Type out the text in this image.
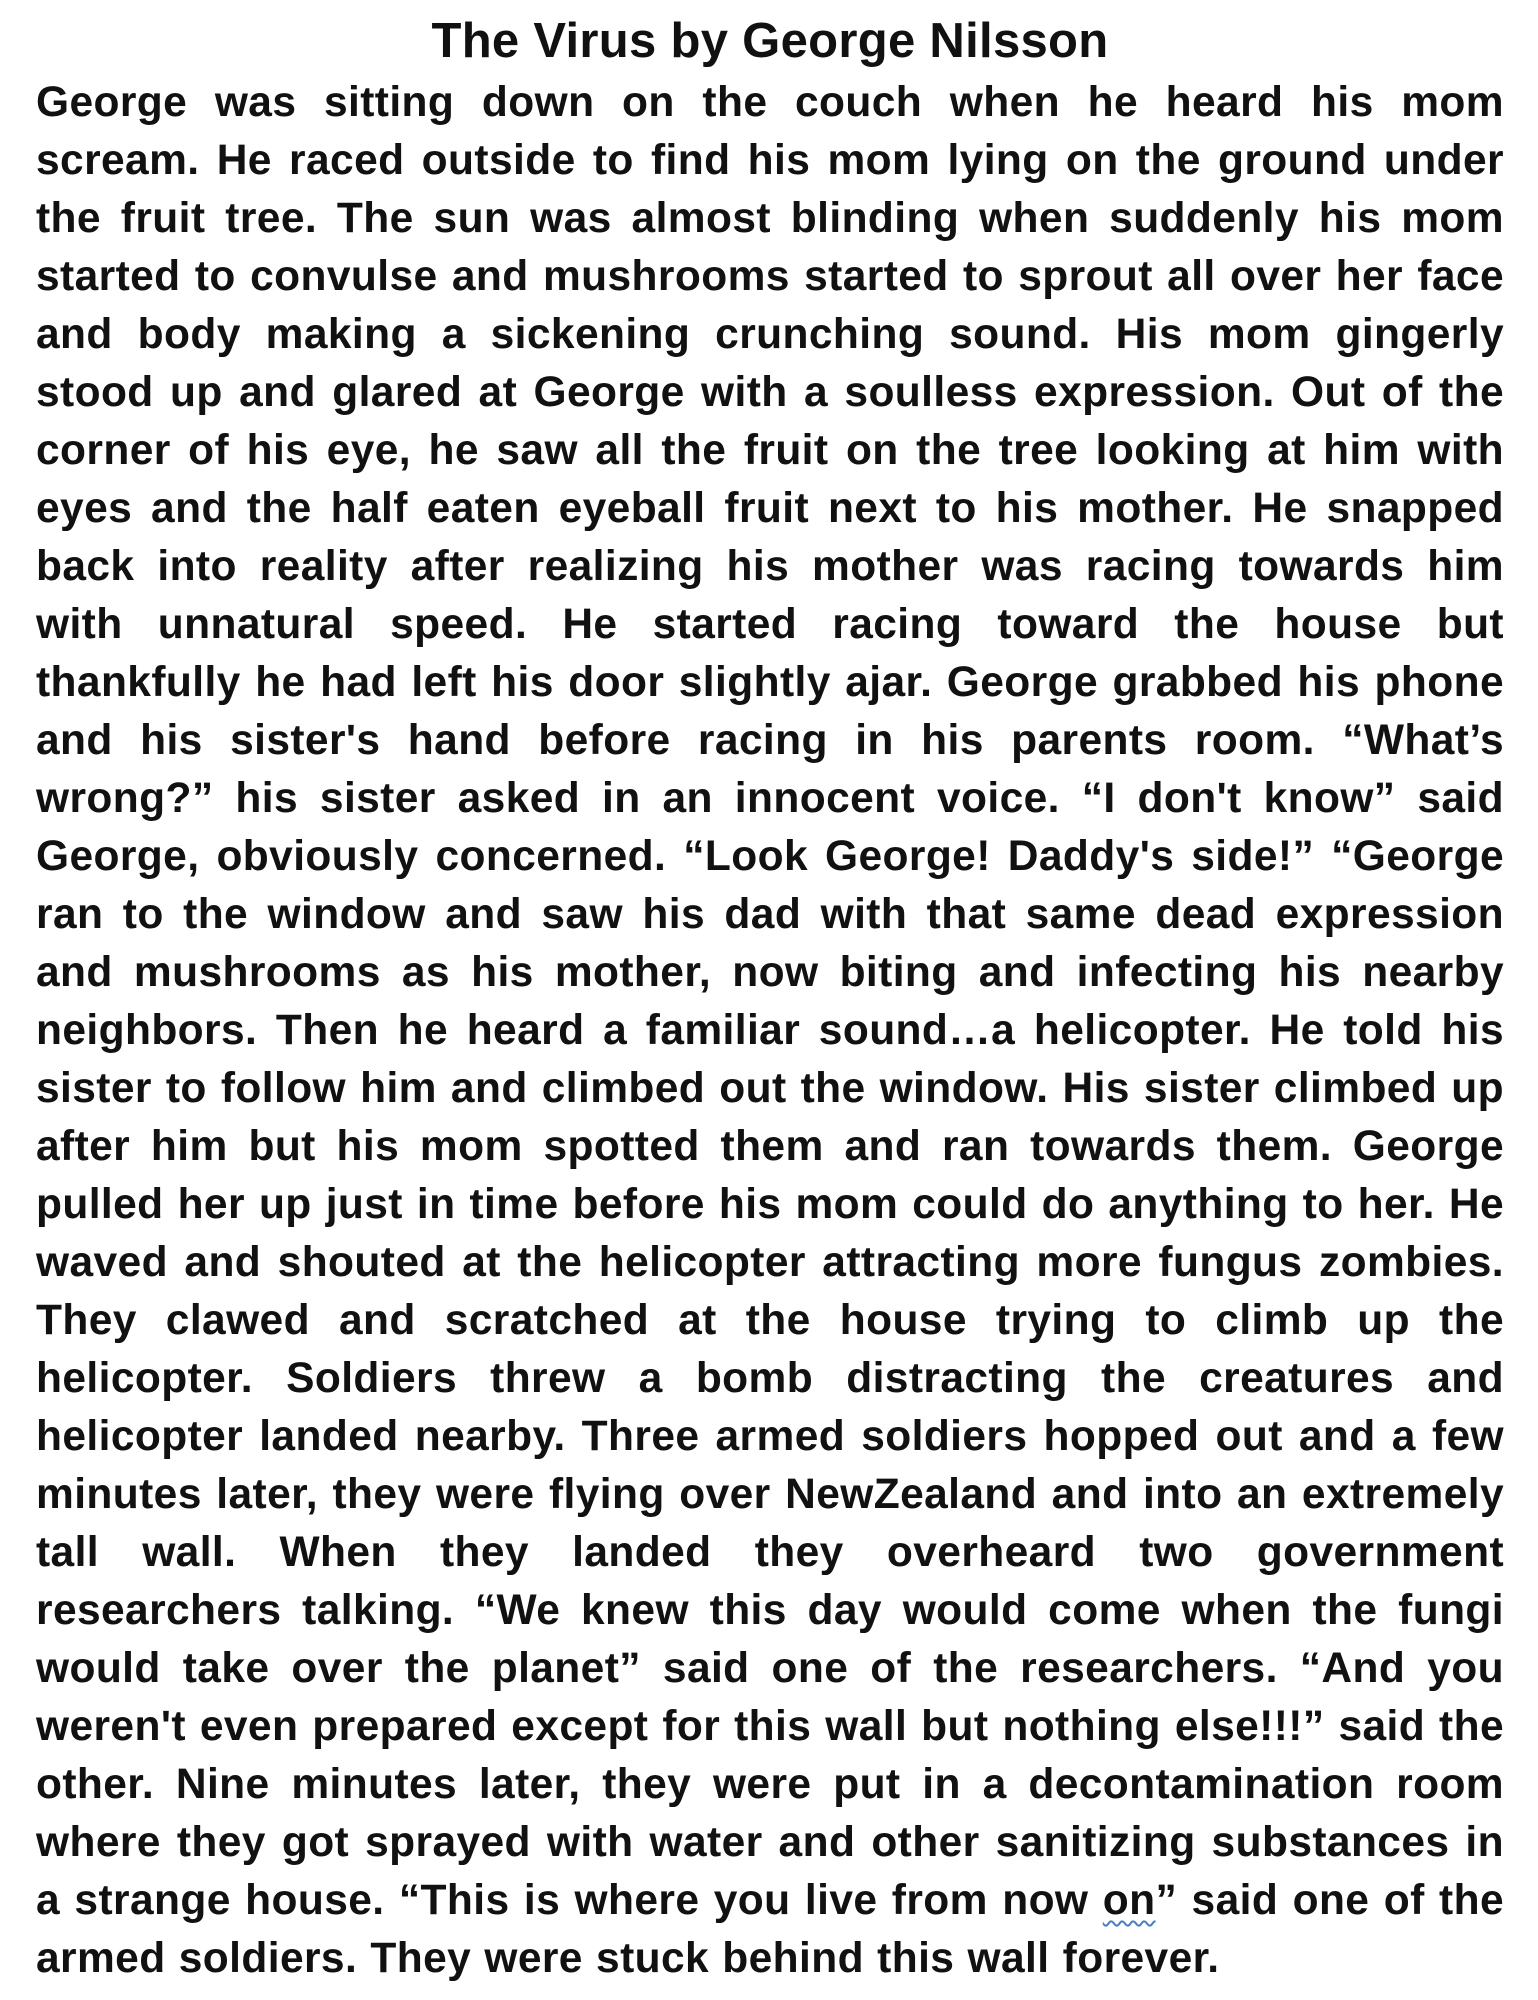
The Virus by George Nilsson

George was sitting down on the couch when he heard his mom scream. He raced outside to find his mom lying on the ground under the fruit tree. The sun was almost blinding when suddenly his mom started to convulse and mushrooms started to sprout all over her face and body making a sickening crunching sound. His mom gingerly stood up and glared at George with a soulless expression. Out of the corner of his eye, he saw all the fruit on the tree looking at him with eyes and the half eaten eyeball fruit next to his mother. He snapped back into reality after realizing his mother was racing towards him with unnatural speed. He started racing toward the house but thankfully he had left his door slightly ajar. George grabbed his phone and his sister's hand before racing in his parents room. “What’s wrong?” his sister asked in an innocent voice. “I don't know” said George, obviously concerned. “Look George! Daddy's side!” “George ran to the window and saw his dad with that same dead expression and mushrooms as his mother, now biting and infecting his nearby neighbors. Then he heard a familiar sound…a helicopter. He told his sister to follow him and climbed out the window. His sister climbed up after him but his mom spotted them and ran towards them. George pulled her up just in time before his mom could do anything to her. He waved and shouted at the helicopter attracting more fungus zombies. They clawed and scratched at the house trying to climb up the helicopter. Soldiers threw a bomb distracting the creatures and helicopter landed nearby. Three armed soldiers hopped out and a few minutes later, they were flying over NewZealand and into an extremely tall wall. When they landed they overheard two government researchers talking. “We knew this day would come when the fungi would take over the planet” said one of the researchers. “And you weren't even prepared except for this wall but nothing else!!!” said the other. Nine minutes later, they were put in a decontamination room where they got sprayed with water and other sanitizing substances in a strange house. “This is where you live from now on” said one of the armed soldiers. They were stuck behind this wall forever.
